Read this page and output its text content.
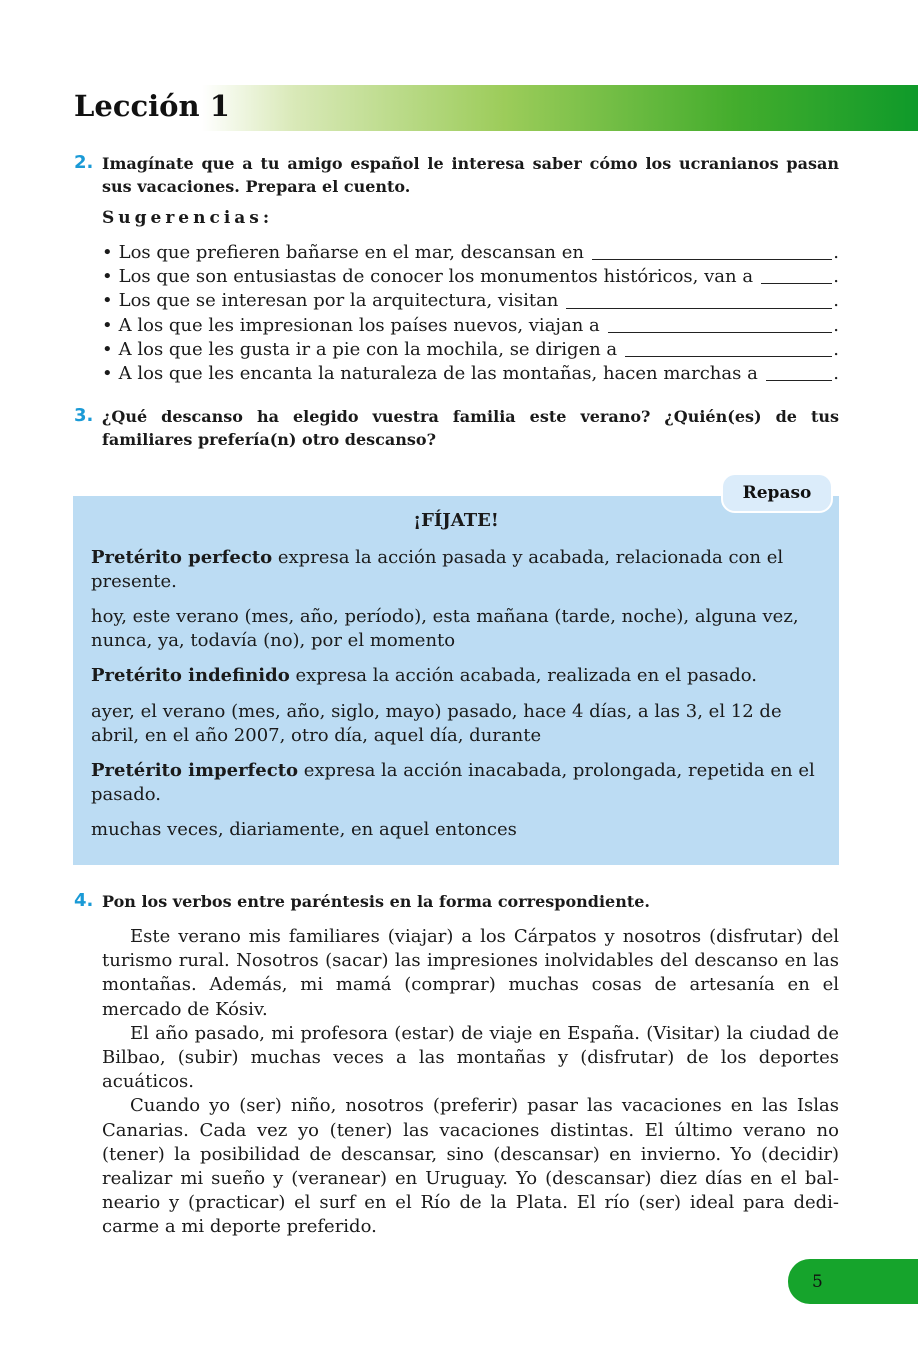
Lección 1
2. Imagínate que a tu amigo español le interesa saber cómo los ucranianos pasan sus vacaciones. Prepara el cuento.
Sugerencias:
• Los que prefieren bañarse en el mar, descansan en	.
• Los que son entusiastas de conocer los monumentos históricos, van a	.
• Los que se interesan por la arquitectura, visitan	.
• A los que les impresionan los países nuevos, viajan a	.
• A los que les gusta ir a pie con la mochila, se dirigen a	.
• A los que les encanta la naturaleza de las montañas, hacen marchas a	.
3. ¿Qué descanso ha elegido vuestra familia este verano? ¿Quién(es) de tus familiares prefería(n) otro descanso?
Repaso
¡FÍJATE!

Pretérito perfecto expresa la acción pasada y acabada, relacionada con el presente.

hoy, este verano (mes, año, período), esta mañana (tarde, noche), alguna vez, nunca, ya, todavía (no), por el momento

Pretérito indefinido expresa la acción acabada, realizada en el pasado.

ayer, el verano (mes, año, siglo, mayo) pasado, hace 4 días, a las 3, el 12 de abril, en el año 2007, otro día, aquel día, durante

Pretérito imperfecto expresa la acción inacabada, prolongada, repetida en el pasado.

muchas veces, diariamente, en aquel entonces

4. Pon los verbos entre paréntesis en la forma correspondiente.

Este verano mis familiares (viajar) a los Cárpatos y nosotros (disfrutar) del turismo rural. Nosotros (sacar) las impresiones inolvidables del descanso en las montañas. Además, mi mamá (comprar) muchas cosas de artesanía en el mercado de Kósiv.

El año pasado, mi profesora (estar) de viaje en España. (Visitar) la ciudad de Bilbao, (subir) muchas veces a las montañas y (disfrutar) de los deportes acuáticos.

Cuando yo (ser) niño, nosotros (preferir) pasar las vacaciones en las Islas Canarias. Cada vez yo (tener) las vacaciones distintas. El último verano no (tener) la posibilidad de descansar, sino (descansar) en invierno. Yo (decidir) realizar mi sueño y (veranear) en Uruguay. Yo (descansar) diez días en el balneario y (practicar) el surf en el Río de la Plata. El río (ser) ideal para dedicarme a mi deporte preferido.

5
